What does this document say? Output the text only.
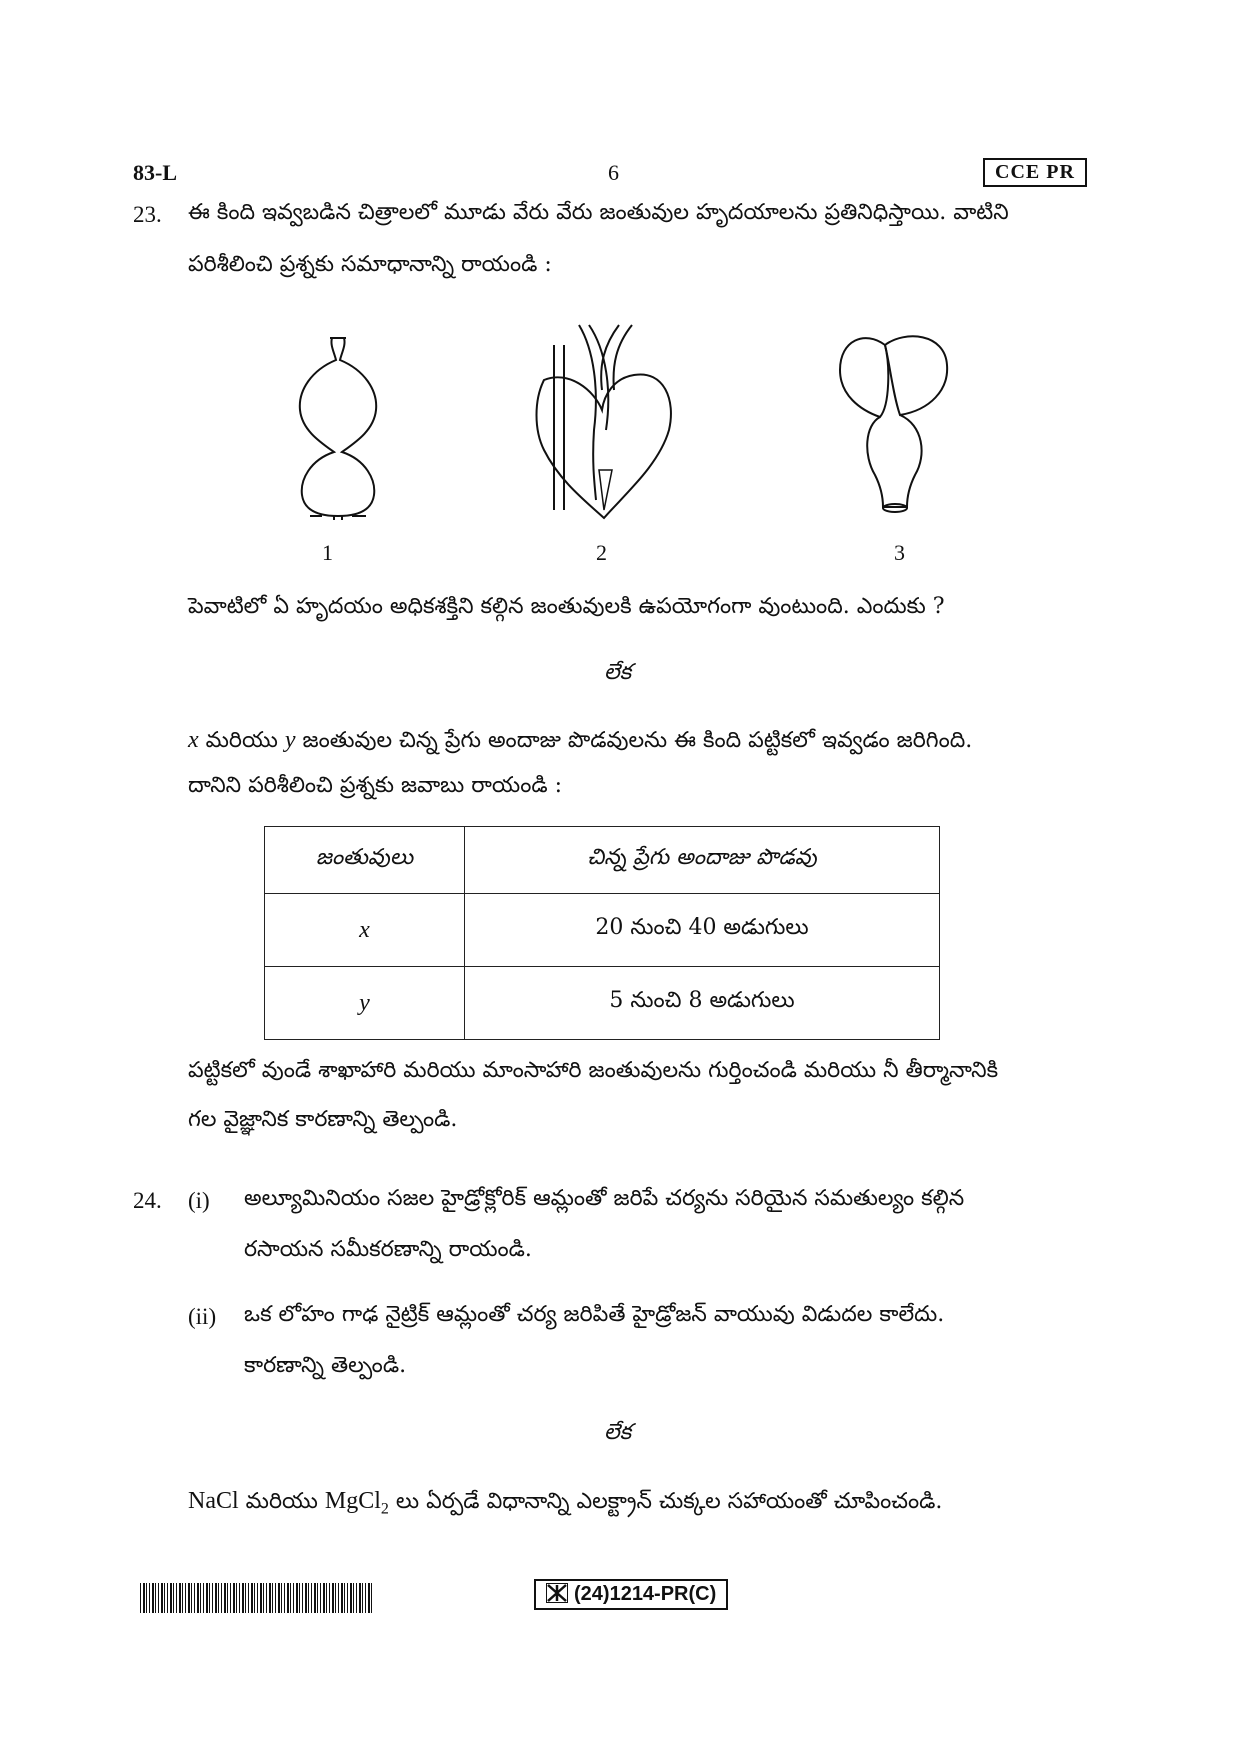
83-L	6	CCE PR
23. ఈ కింది ఇవ్వబడిన చిత్రాలలో మూడు వేరు వేరు జంతువుల హృదయాలను ప్రతినిధిస్తాయి. వాటిని
పరిశీలించి ప్రశ్నకు సమాధానాన్ని రాయండి :
1	2	3
పెవాటిలో ఏ హృదయం అధికశక్తిని కల్గిన జంతువులకి ఉపయోగంగా వుంటుంది. ఎందుకు ?
లేక
x మరియు y జంతువుల చిన్న ప్రేగు అందాజు పొడవులను ఈ కింది పట్టికలో ఇవ్వడం జరిగింది.
దానిని పరిశీలించి ప్రశ్నకు జవాబు రాయండి :
జంతువులు	చిన్న ప్రేగు అందాజు పొడవు
x	20 నుంచి 40 అడుగులు
y	5 నుంచి 8 అడుగులు
పట్టికలో వుండే శాఖాహారి మరియు మాంసాహారి జంతువులను గుర్తించండి మరియు నీ తీర్మానానికి
గల వైజ్ఞానిక కారణాన్ని తెల్పండి.
24. (i) అల్యూమినియం సజల హైడ్రోక్లోరిక్ ఆమ్లంతో జరిపే చర్యను సరియైన సమతుల్యం కల్గిన
రసాయన సమీకరణాన్ని రాయండి.
(ii) ఒక లోహం గాఢ నైట్రిక్ ఆమ్లంతో చర్య జరిపితే హైడ్రోజన్ వాయువు విడుదల కాలేదు.
కారణాన్ని తెల్పండి.
లేక
NaCl మరియు MgCl$_2$ లు ఏర్పడే విధానాన్ని ఎలక్ట్రాన్ చుక్కల సహాయంతో చూపించండి.
(24)1214-PR(C)
